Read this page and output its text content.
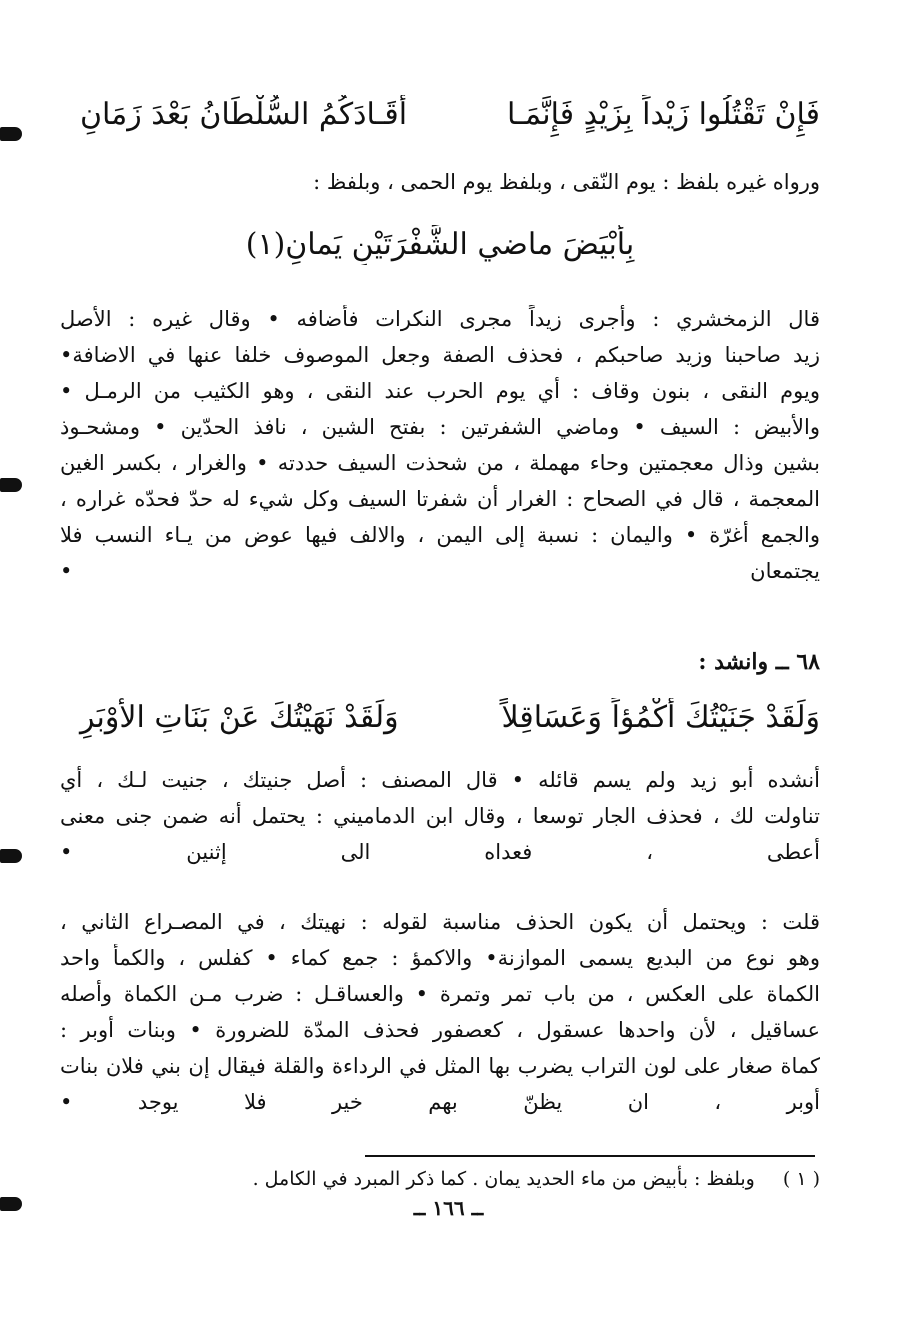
فَإِنْ تَقْتُلُوا زَيْداً بِزَيْدٍ فَإِنَّمَـا
أَقَـادَكُمُ السُّلْطَانُ بَعْدَ زَمَانِ
ورواه غيره بلفظ : يوم النّقى ، وبلفظ يوم الحمى ، وبلفظ :
بِأَبْيَضَ ماضي الشَّفْرَتَيْنِ يَمانِ(١)
قال الزمخشري : وأجرى زيداً مجرى النكرات فأضافه • وقال غيره : الأصل
زيد صاحبنا وزيد صاحبكم ، فحذف الصفة وجعل الموصوف خلفا عنها في الاضافة•
ويوم النقى ، بنون وقاف : أي يوم الحرب عند النقى ، وهو الكثيب من الرمـل •
والأبيض : السيف • وماضي الشفرتين : بفتح الشين ، نافذ الحدّين • ومشحـوذ
بشين وذال معجمتين وحاء مهملة ، من شحذت السيف حددته • والغرار ، بكسر الغين
المعجمة ، قال في الصحاح : الغرار أن شفرتا السيف وكل شيء له حدّ فحدّه غراره ،
والجمع أغرّة • واليمان : نسبة إلى اليمن ، والالف فيها عوض من يـاء النسب فلا
يجتمعان •
٦٨ ــ وانشد :
وَلَقَدْ جَنَيْتُكَ أَكْمُؤاً وَعَسَاقِلاً
وَلَقَدْ نَهَيْتُكَ عَنْ بَنَاتِ الأَوْبَرِ
أنشده أبو زيد ولم يسم قائله • قال المصنف : أصل جنيتك ، جنيت لـك ، أي
تناولت لك ، فحذف الجار توسعا ، وقال ابن الدماميني : يحتمل أنه ضمن جنى معنى
أعطى ، فعداه الى إثنين •
قلت : ويحتمل أن يكون الحذف مناسبة لقوله : نهيتك ، في المصـراع الثاني ،
وهو نوع من البديع يسمى الموازنة• والاكمؤ : جمع كماء • كفلس ، والكمأ واحد
الكماة على العكس ، من باب تمر وتمرة • والعساقـل : ضرب مـن الكماة وأصله
عساقيل ، لأن واحدها عسقول ، كعصفور فحذف المدّة للضرورة • وبنات أوبر :
كماة صغار على لون التراب يضرب بها المثل في الرداءة والقلة فيقال إن بني فلان بنات
أوبر ، ان يظنّ بهم خير فلا يوجد •
( ١ )وبلفظ : بأبيض من ماء الحديد يمان . كما ذكر المبرد في الكامل .
ــ ١٦٦ ــ
